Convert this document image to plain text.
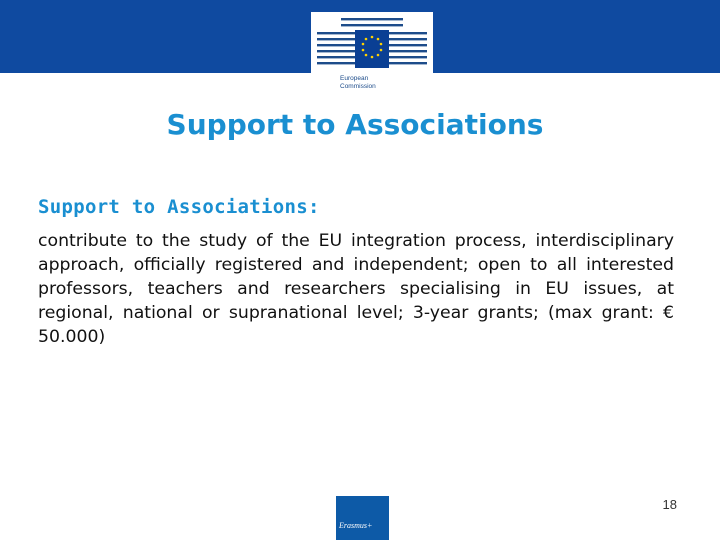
European
Commission
Support to Associations
Support to Associations:

contribute to the study of the EU integration process, interdisciplinary approach, officially registered and independent; open to all interested professors, teachers and researchers specialising in EU issues, at regional, national or supranational level; 3-year grants; (max grant: € 50.000)

18
Erasmus+
